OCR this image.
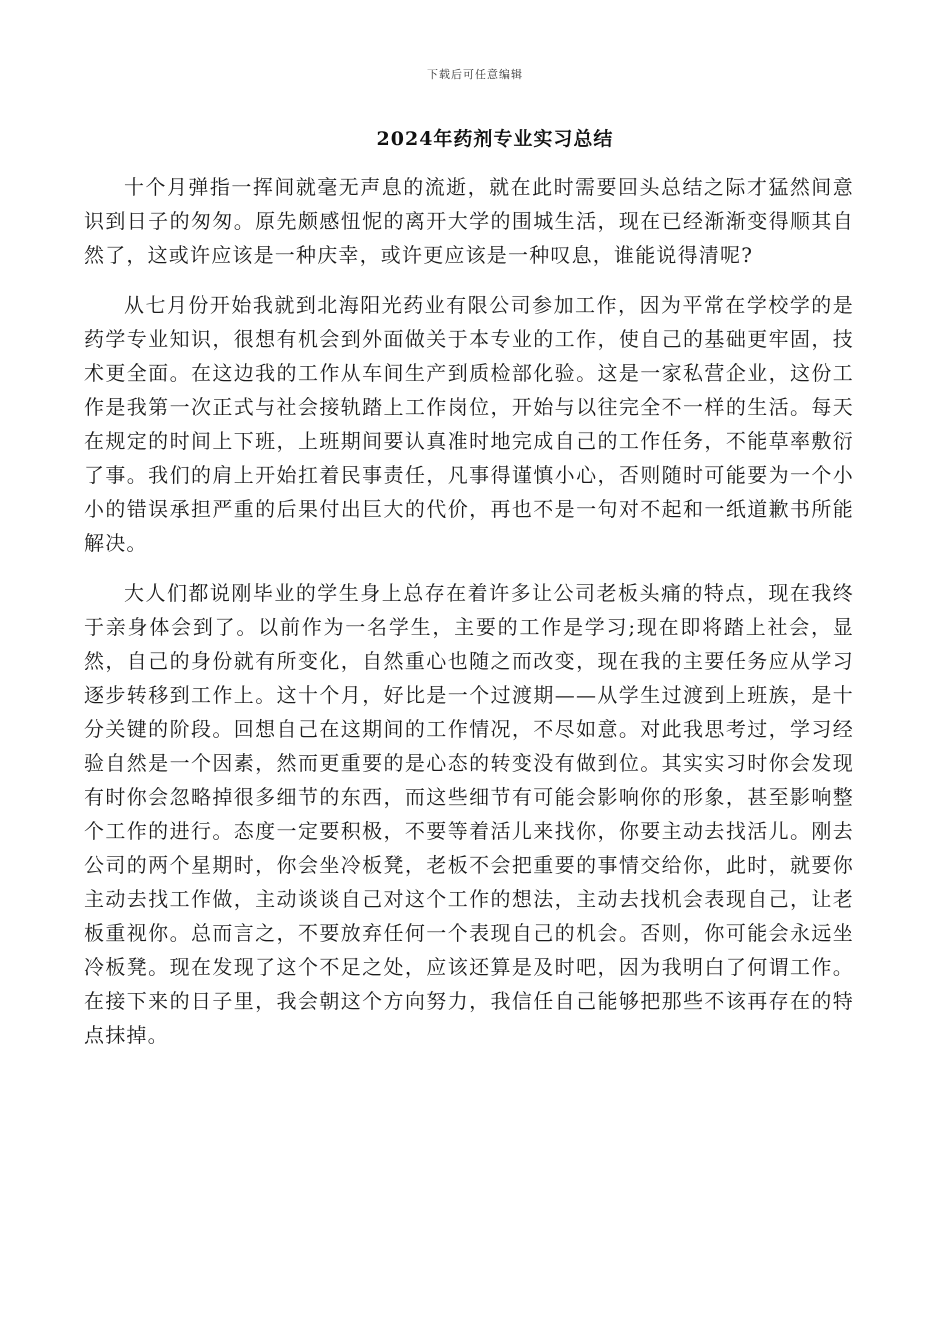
下载后可任意编辑
2024年药剂专业实习总结

十个月弹指一挥间就毫无声息的流逝，就在此时需要回头总结之际才猛然间意识到日子的匆匆。原先颇感忸怩的离开大学的围城生活，现在已经渐渐变得顺其自然了，这或许应该是一种庆幸，或许更应该是一种叹息，谁能说得清呢?

从七月份开始我就到北海阳光药业有限公司参加工作，因为平常在学校学的是药学专业知识，很想有机会到外面做关于本专业的工作，使自己的基础更牢固，技术更全面。在这边我的工作从车间生产到质检部化验。这是一家私营企业，这份工作是我第一次正式与社会接轨踏上工作岗位，开始与以往完全不一样的生活。每天在规定的时间上下班，上班期间要认真准时地完成自己的工作任务，不能草率敷衍了事。我们的肩上开始扛着民事责任，凡事得谨慎小心，否则随时可能要为一个小小的错误承担严重的后果付出巨大的代价，再也不是一句对不起和一纸道歉书所能解决。

大人们都说刚毕业的学生身上总存在着许多让公司老板头痛的特点，现在我终于亲身体会到了。以前作为一名学生，主要的工作是学习;现在即将踏上社会，显然，自己的身份就有所变化，自然重心也随之而改变，现在我的主要任务应从学习逐步转移到工作上。这十个月，好比是一个过渡期——从学生过渡到上班族，是十分关键的阶段。回想自己在这期间的工作情况，不尽如意。对此我思考过，学习经验自然是一个因素，然而更重要的是心态的转变没有做到位。其实实习时你会发现有时你会忽略掉很多细节的东西，而这些细节有可能会影响你的形象，甚至影响整个工作的进行。态度一定要积极，不要等着活儿来找你，你要主动去找活儿。刚去公司的两个星期时，你会坐冷板凳，老板不会把重要的事情交给你，此时，就要你主动去找工作做，主动谈谈自己对这个工作的想法，主动去找机会表现自己，让老板重视你。总而言之，不要放弃任何一个表现自己的机会。否则，你可能会永远坐冷板凳。现在发现了这个不足之处，应该还算是及时吧，因为我明白了何谓工作。在接下来的日子里，我会朝这个方向努力，我信任自己能够把那些不该再存在的特点抹掉。
